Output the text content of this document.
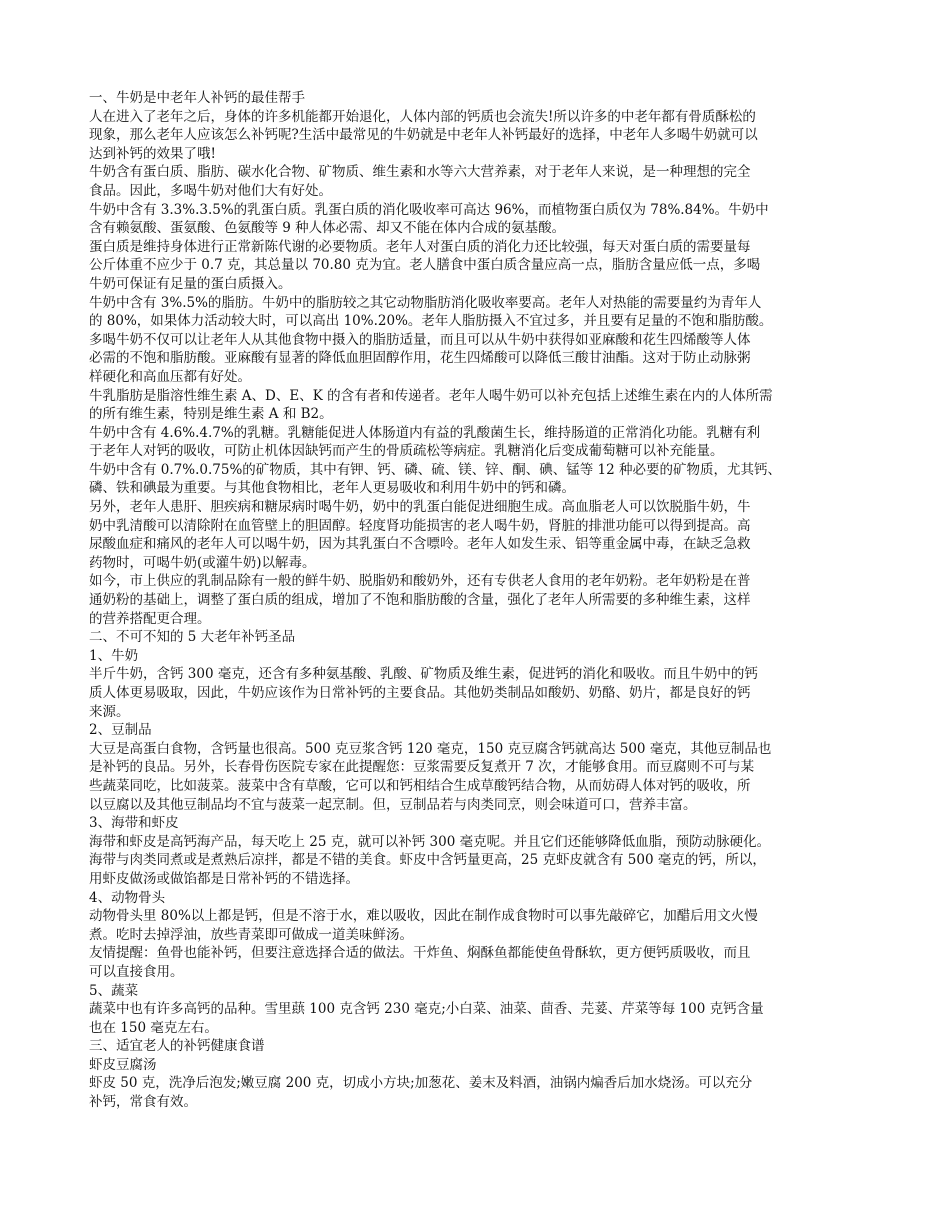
一、牛奶是中老年人补钙的最佳帮手
人在进入了老年之后，身体的许多机能都开始退化，人体内部的钙质也会流失!所以许多的中老年都有骨质酥松的
现象，那么老年人应该怎么补钙呢?生活中最常见的牛奶就是中老年人补钙最好的选择，中老年人多喝牛奶就可以
达到补钙的效果了哦!
牛奶含有蛋白质、脂肪、碳水化合物、矿物质、维生素和水等六大营养素，对于老年人来说，是一种理想的完全
食品。因此，多喝牛奶对他们大有好处。
牛奶中含有 3.3%.3.5%的乳蛋白质。乳蛋白质的消化吸收率可高达 96%，而植物蛋白质仅为 78%.84%。牛奶中
含有赖氨酸、蛋氨酸、色氨酸等 9 种人体必需、却又不能在体内合成的氨基酸。
蛋白质是维持身体进行正常新陈代谢的必要物质。老年人对蛋白质的消化力还比较强，每天对蛋白质的需要量每
公斤体重不应少于 0.7 克，其总量以 70.80 克为宜。老人膳食中蛋白质含量应高一点，脂肪含量应低一点，多喝
牛奶可保证有足量的蛋白质摄入。
牛奶中含有 3%.5%的脂肪。牛奶中的脂肪较之其它动物脂肪消化吸收率要高。老年人对热能的需要量约为青年人
的 80%，如果体力活动较大时，可以高出 10%.20%。老年人脂肪摄入不宜过多，并且要有足量的不饱和脂肪酸。
多喝牛奶不仅可以让老年人从其他食物中摄入的脂肪适量，而且可以从牛奶中获得如亚麻酸和花生四烯酸等人体
必需的不饱和脂肪酸。亚麻酸有显著的降低血胆固醇作用，花生四烯酸可以降低三酸甘油酯。这对于防止动脉粥
样硬化和高血压都有好处。
牛乳脂肪是脂溶性维生素 A、D、E、K 的含有者和传递者。老年人喝牛奶可以补充包括上述维生素在内的人体所需
的所有维生素，特别是维生素 A 和 B2。
牛奶中含有 4.6%.4.7%的乳糖。乳糖能促进人体肠道内有益的乳酸菌生长，维持肠道的正常消化功能。乳糖有利
于老年人对钙的吸收，可防止机体因缺钙而产生的骨质疏松等病症。乳糖消化后变成葡萄糖可以补充能量。
牛奶中含有 0.7%.0.75%的矿物质，其中有钾、钙、磷、硫、镁、锌、酮、碘、锰等 12 种必要的矿物质，尤其钙、
磷、铁和碘最为重要。与其他食物相比，老年人更易吸收和利用牛奶中的钙和磷。
另外，老年人患肝、胆疾病和糖尿病时喝牛奶，奶中的乳蛋白能促进细胞生成。高血脂老人可以饮脱脂牛奶，牛
奶中乳清酸可以清除附在血管壁上的胆固醇。轻度肾功能损害的老人喝牛奶，肾脏的排泄功能可以得到提高。高
尿酸血症和痛风的老年人可以喝牛奶，因为其乳蛋白不含嘌呤。老年人如发生汞、铝等重金属中毒，在缺乏急救
药物时，可喝牛奶(或灌牛奶)以解毒。
如今，市上供应的乳制品除有一般的鲜牛奶、脱脂奶和酸奶外，还有专供老人食用的老年奶粉。老年奶粉是在普
通奶粉的基础上，调整了蛋白质的组成，增加了不饱和脂肪酸的含量，强化了老年人所需要的多种维生素，这样
的营养搭配更合理。
二、不可不知的 5 大老年补钙圣品
1、牛奶
半斤牛奶，含钙 300 毫克，还含有多种氨基酸、乳酸、矿物质及维生素，促进钙的消化和吸收。而且牛奶中的钙
质人体更易吸取，因此，牛奶应该作为日常补钙的主要食品。其他奶类制品如酸奶、奶酪、奶片，都是良好的钙
来源。
2、豆制品
大豆是高蛋白食物，含钙量也很高。500 克豆浆含钙 120 毫克，150 克豆腐含钙就高达 500 毫克，其他豆制品也
是补钙的良品。另外，长春骨伤医院专家在此提醒您：豆浆需要反复煮开 7 次，才能够食用。而豆腐则不可与某
些蔬菜同吃，比如菠菜。菠菜中含有草酸，它可以和钙相结合生成草酸钙结合物，从而妨碍人体对钙的吸收，所
以豆腐以及其他豆制品均不宜与菠菜一起烹制。但，豆制品若与肉类同烹，则会味道可口，营养丰富。
3、海带和虾皮
海带和虾皮是高钙海产品，每天吃上 25 克，就可以补钙 300 毫克呢。并且它们还能够降低血脂，预防动脉硬化。
海带与肉类同煮或是煮熟后凉拌，都是不错的美食。虾皮中含钙量更高，25 克虾皮就含有 500 毫克的钙，所以，
用虾皮做汤或做馅都是日常补钙的不错选择。
4、动物骨头
动物骨头里 80%以上都是钙，但是不溶于水，难以吸收，因此在制作成食物时可以事先敲碎它，加醋后用文火慢
煮。吃时去掉浮油，放些青菜即可做成一道美味鲜汤。
友情提醒：鱼骨也能补钙，但要注意选择合适的做法。干炸鱼、焖酥鱼都能使鱼骨酥软，更方便钙质吸收，而且
可以直接食用。
5、蔬菜
蔬菜中也有许多高钙的品种。雪里蕻 100 克含钙 230 毫克;小白菜、油菜、茴香、芫荽、芹菜等每 100 克钙含量
也在 150 毫克左右。
三、适宜老人的补钙健康食谱
虾皮豆腐汤
虾皮 50 克，洗净后泡发;嫩豆腐 200 克，切成小方块;加葱花、姜末及料酒，油锅内煸香后加水烧汤。可以充分
补钙，常食有效。
